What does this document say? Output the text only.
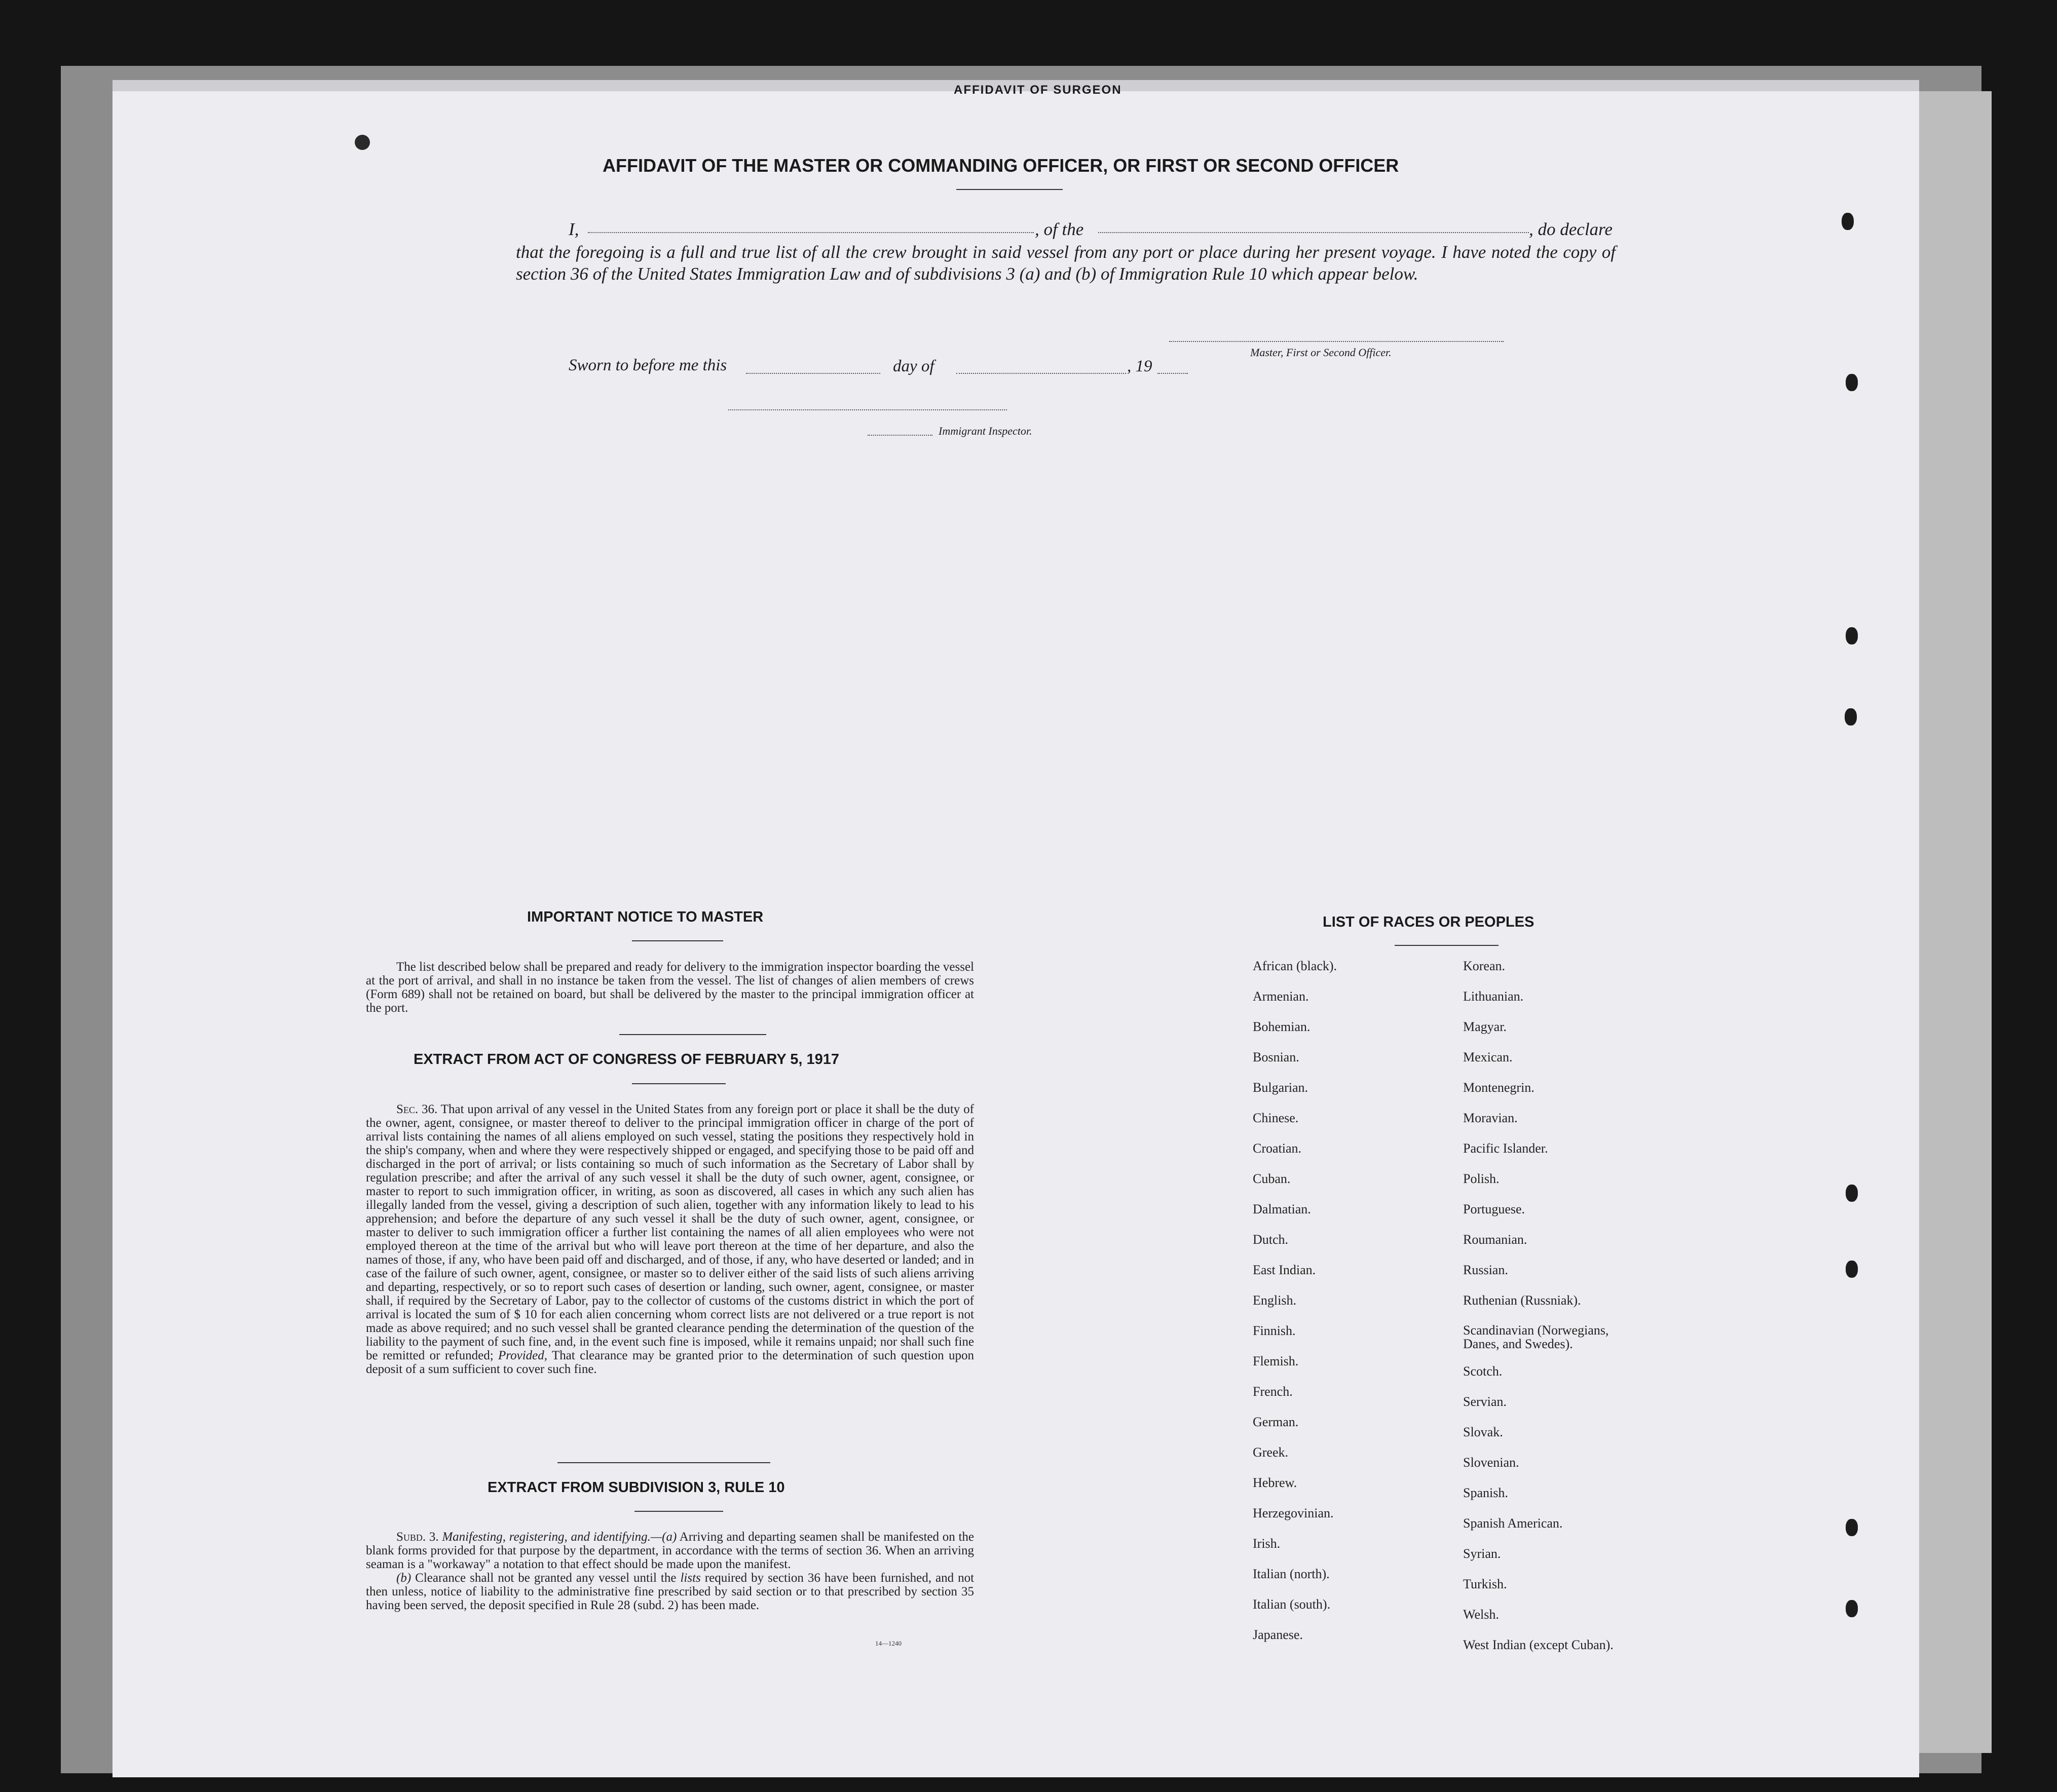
AFFIDAVIT OF SURGEON
AFFIDAVIT OF THE MASTER OR COMMANDING OFFICER, OR FIRST OR SECOND OFFICER
I,	, of the	, do declare
that the foregoing is a full and true list of all the crew brought in said vessel from any port or place during her present voyage. I have noted the copy of section 36 of the United States Immigration Law and of subdivisions 3 (a) and (b) of Immigration Rule 10 which appear below.
Master, First or Second Officer.
Sworn to before me this	day of	, 19
Immigrant Inspector.
IMPORTANT NOTICE TO MASTER
The list described below shall be prepared and ready for delivery to the immigration inspector boarding the vessel at the port of arrival, and shall in no instance be taken from the vessel. The list of changes of alien members of crews (Form 689) shall not be retained on board, but shall be delivered by the master to the principal immigration officer at the port.
EXTRACT FROM ACT OF CONGRESS OF FEBRUARY 5, 1917
Sec. 36. That upon arrival of any vessel in the United States from any foreign port or place it shall be the duty of the owner, agent, consignee, or master thereof to deliver to the principal immigration officer in charge of the port of arrival lists containing the names of all aliens employed on such vessel, stating the positions they respectively hold in the ship's company, when and where they were respectively shipped or engaged, and specifying those to be paid off and discharged in the port of arrival; or lists containing so much of such information as the Secretary of Labor shall by regulation prescribe; and after the arrival of any such vessel it shall be the duty of such owner, agent, consignee, or master to report to such immigration officer, in writing, as soon as discovered, all cases in which any such alien has illegally landed from the vessel, giving a description of such alien, together with any information likely to lead to his apprehension; and before the departure of any such vessel it shall be the duty of such owner, agent, consignee, or master to deliver to such immigration officer a further list containing the names of all alien employees who were not employed thereon at the time of the arrival but who will leave port thereon at the time of her departure, and also the names of those, if any, who have been paid off and discharged, and of those, if any, who have deserted or landed; and in case of the failure of such owner, agent, consignee, or master so to deliver either of the said lists of such aliens arriving and departing, respectively, or so to report such cases of desertion or landing, such owner, agent, consignee, or master shall, if required by the Secretary of Labor, pay to the collector of customs of the customs district in which the port of arrival is located the sum of $ 10 for each alien concerning whom correct lists are not delivered or a true report is not made as above required; and no such vessel shall be granted clearance pending the determination of the question of the liability to the payment of such fine, and, in the event such fine is imposed, while it remains unpaid; nor shall such fine be remitted or refunded; Provided, That clearance may be granted prior to the determination of such question upon deposit of a sum sufficient to cover such fine.
EXTRACT FROM SUBDIVISION 3, RULE 10
Subd. 3. Manifesting, registering, and identifying.—(a) Arriving and departing seamen shall be manifested on the blank forms provided for that purpose by the department, in accordance with the terms of section 36. When an arriving seaman is a "workaway" a notation to that effect should be made upon the manifest.
(b) Clearance shall not be granted any vessel until the lists required by section 36 have been furnished, and not then unless, notice of liability to the administrative fine prescribed by said section or to that prescribed by section 35 having been served, the deposit specified in Rule 28 (subd. 2) has been made.
14—1240
LIST OF RACES OR PEOPLES
African (black).
Armenian.
Bohemian.
Bosnian.
Bulgarian.
Chinese.
Croatian.
Cuban.
Dalmatian.
Dutch.
East Indian.
English.
Finnish.
Flemish.
French.
German.
Greek.
Hebrew.
Herzegovinian.
Irish.
Italian (north).
Italian (south).
Japanese.
Korean.
Lithuanian.
Magyar.
Mexican.
Montenegrin.
Moravian.
Pacific Islander.
Polish.
Portuguese.
Roumanian.
Russian.
Ruthenian (Russniak).
Scandinavian (Norwegians, Danes, and Swedes).
Scotch.
Servian.
Slovak.
Slovenian.
Spanish.
Spanish American.
Syrian.
Turkish.
Welsh.
West Indian (except Cuban).
